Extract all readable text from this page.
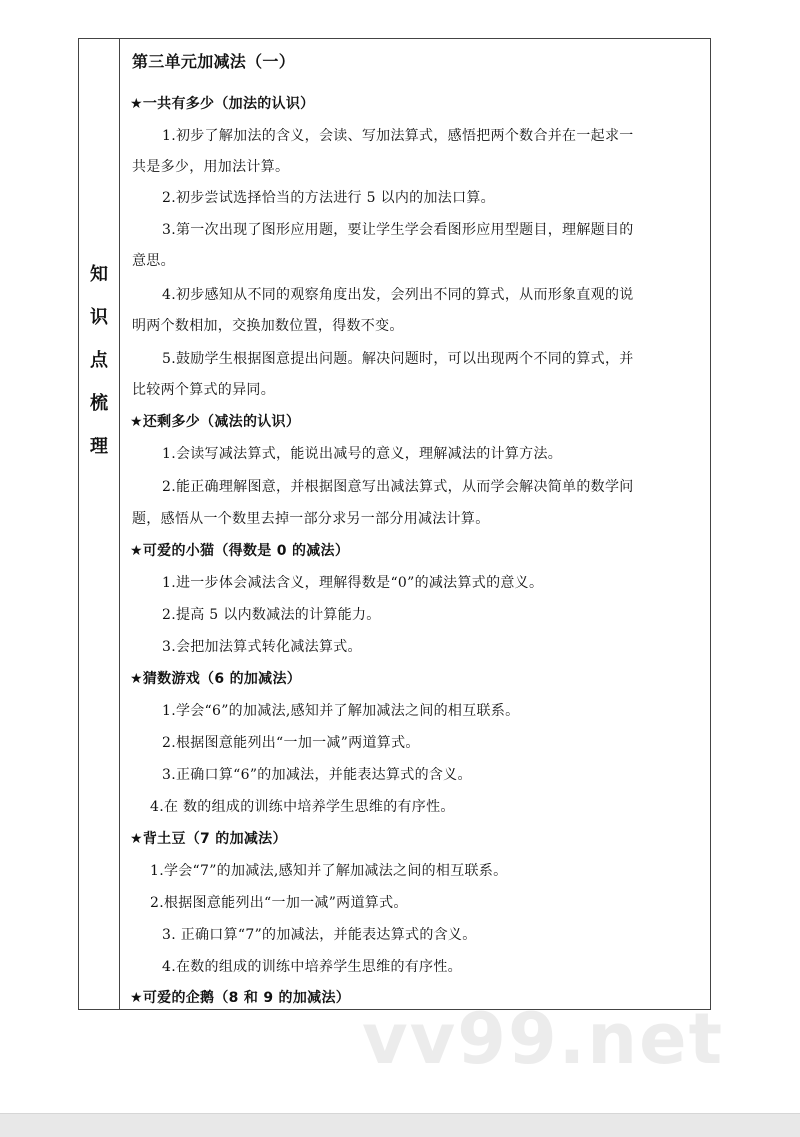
知
识
点
梳
理
第三单元加减法（一）
★一共有多少（加法的认识）
1.初步了解加法的含义，会读、写加法算式，感悟把两个数合并在一起求一
共是多少，用加法计算。
2.初步尝试选择恰当的方法进行 5 以内的加法口算。
3.第一次出现了图形应用题，要让学生学会看图形应用型题目，理解题目的
意思。
4.初步感知从不同的观察角度出发，会列出不同的算式，从而形象直观的说
明两个数相加，交换加数位置，得数不变。
5.鼓励学生根据图意提出问题。解决问题时，可以出现两个不同的算式，并
比较两个算式的异同。
★还剩多少（减法的认识）
1.会读写减法算式，能说出减号的意义，理解减法的计算方法。
2.能正确理解图意，并根据图意写出减法算式，从而学会解决简单的数学问
题，感悟从一个数里去掉一部分求另一部分用减法计算。
★可爱的小猫（得数是 0 的减法）
1.进一步体会减法含义，理解得数是“0”的减法算式的意义。
2.提高 5 以内数减法的计算能力。
3.会把加法算式转化减法算式。
★猜数游戏（6 的加减法）
1.学会“6”的加减法,感知并了解加减法之间的相互联系。
2.根据图意能列出“一加一减”两道算式。
3.正确口算“6”的加减法，并能表达算式的含义。
4.在 数的组成的训练中培养学生思维的有序性。
★背土豆（7 的加减法）
1.学会“7”的加减法,感知并了解加减法之间的相互联系。
2.根据图意能列出“一加一减”两道算式。
3. 正确口算“7”的加减法，并能表达算式的含义。
4.在数的组成的训练中培养学生思维的有序性。
★可爱的企鹅（8 和 9 的加减法） vv99.net
